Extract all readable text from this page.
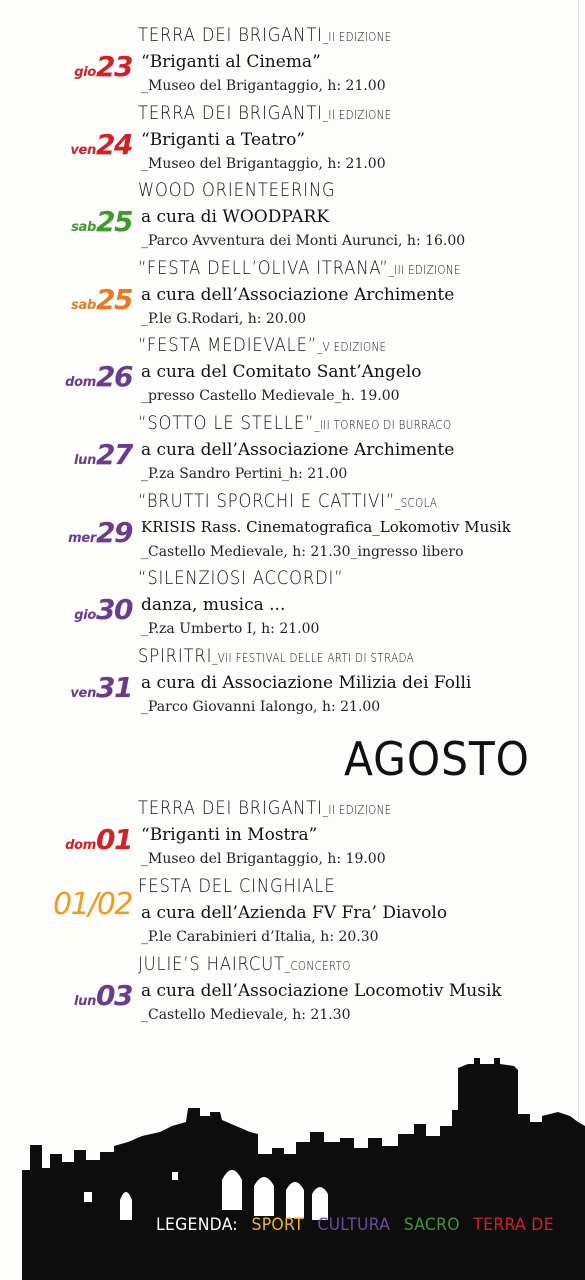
gio23
TERRA DEI BRIGANTI_II EDIZIONE
“Briganti al Cinema”
_Museo del Brigantaggio, h: 21.00
ven24
TERRA DEI BRIGANTI_II EDIZIONE
“Briganti a Teatro”
_Museo del Brigantaggio, h: 21.00
sab25
WOOD ORIENTEERING
a cura di WOODPARK
_Parco Avventura dei Monti Aurunci, h: 16.00
sab25
“FESTA DELL’OLIVA ITRANA”_III EDIZIONE
a cura dell’Associazione Archimente
_P.le G.Rodari, h: 20.00
dom26
“FESTA MEDIEVALE”_V EDIZIONE
a cura del Comitato Sant’Angelo
_presso Castello Medievale_h. 19.00
lun27
“SOTTO LE STELLE”_III TORNEO DI BURRACO
a cura dell’Associazione Archimente
_P.za Sandro Pertini_h: 21.00
mer29
“BRUTTI SPORCHI E CATTIVI”_SCOLA
KRISIS Rass. Cinematografica_Lokomotiv Musik
_Castello Medievale, h: 21.30_ingresso libero
gio30
“SILENZIOSI ACCORDI”
danza, musica ...
_P.za Umberto I, h: 21.00
ven31
SPIRITRI_VII FESTIVAL DELLE ARTI DI STRADA
a cura di Associazione Milizia dei Folli
_Parco Giovanni Ialongo, h: 21.00
AGOSTO
dom01
TERRA DEI BRIGANTI_II EDIZIONE
“Briganti in Mostra”
_Museo del Brigantaggio, h: 19.00
01/02
FESTA DEL CINGHIALE
a cura dell’Azienda FV Fra’ Diavolo
_P.le Carabinieri d’Italia, h: 20.30
lun03
JULIE’S HAIRCUT_CONCERTO
a cura dell’Associazione Locomotiv Musik
_Castello Medievale, h: 21.30
LEGENDA: SPORT CULTURA SACRO TERRA DE
